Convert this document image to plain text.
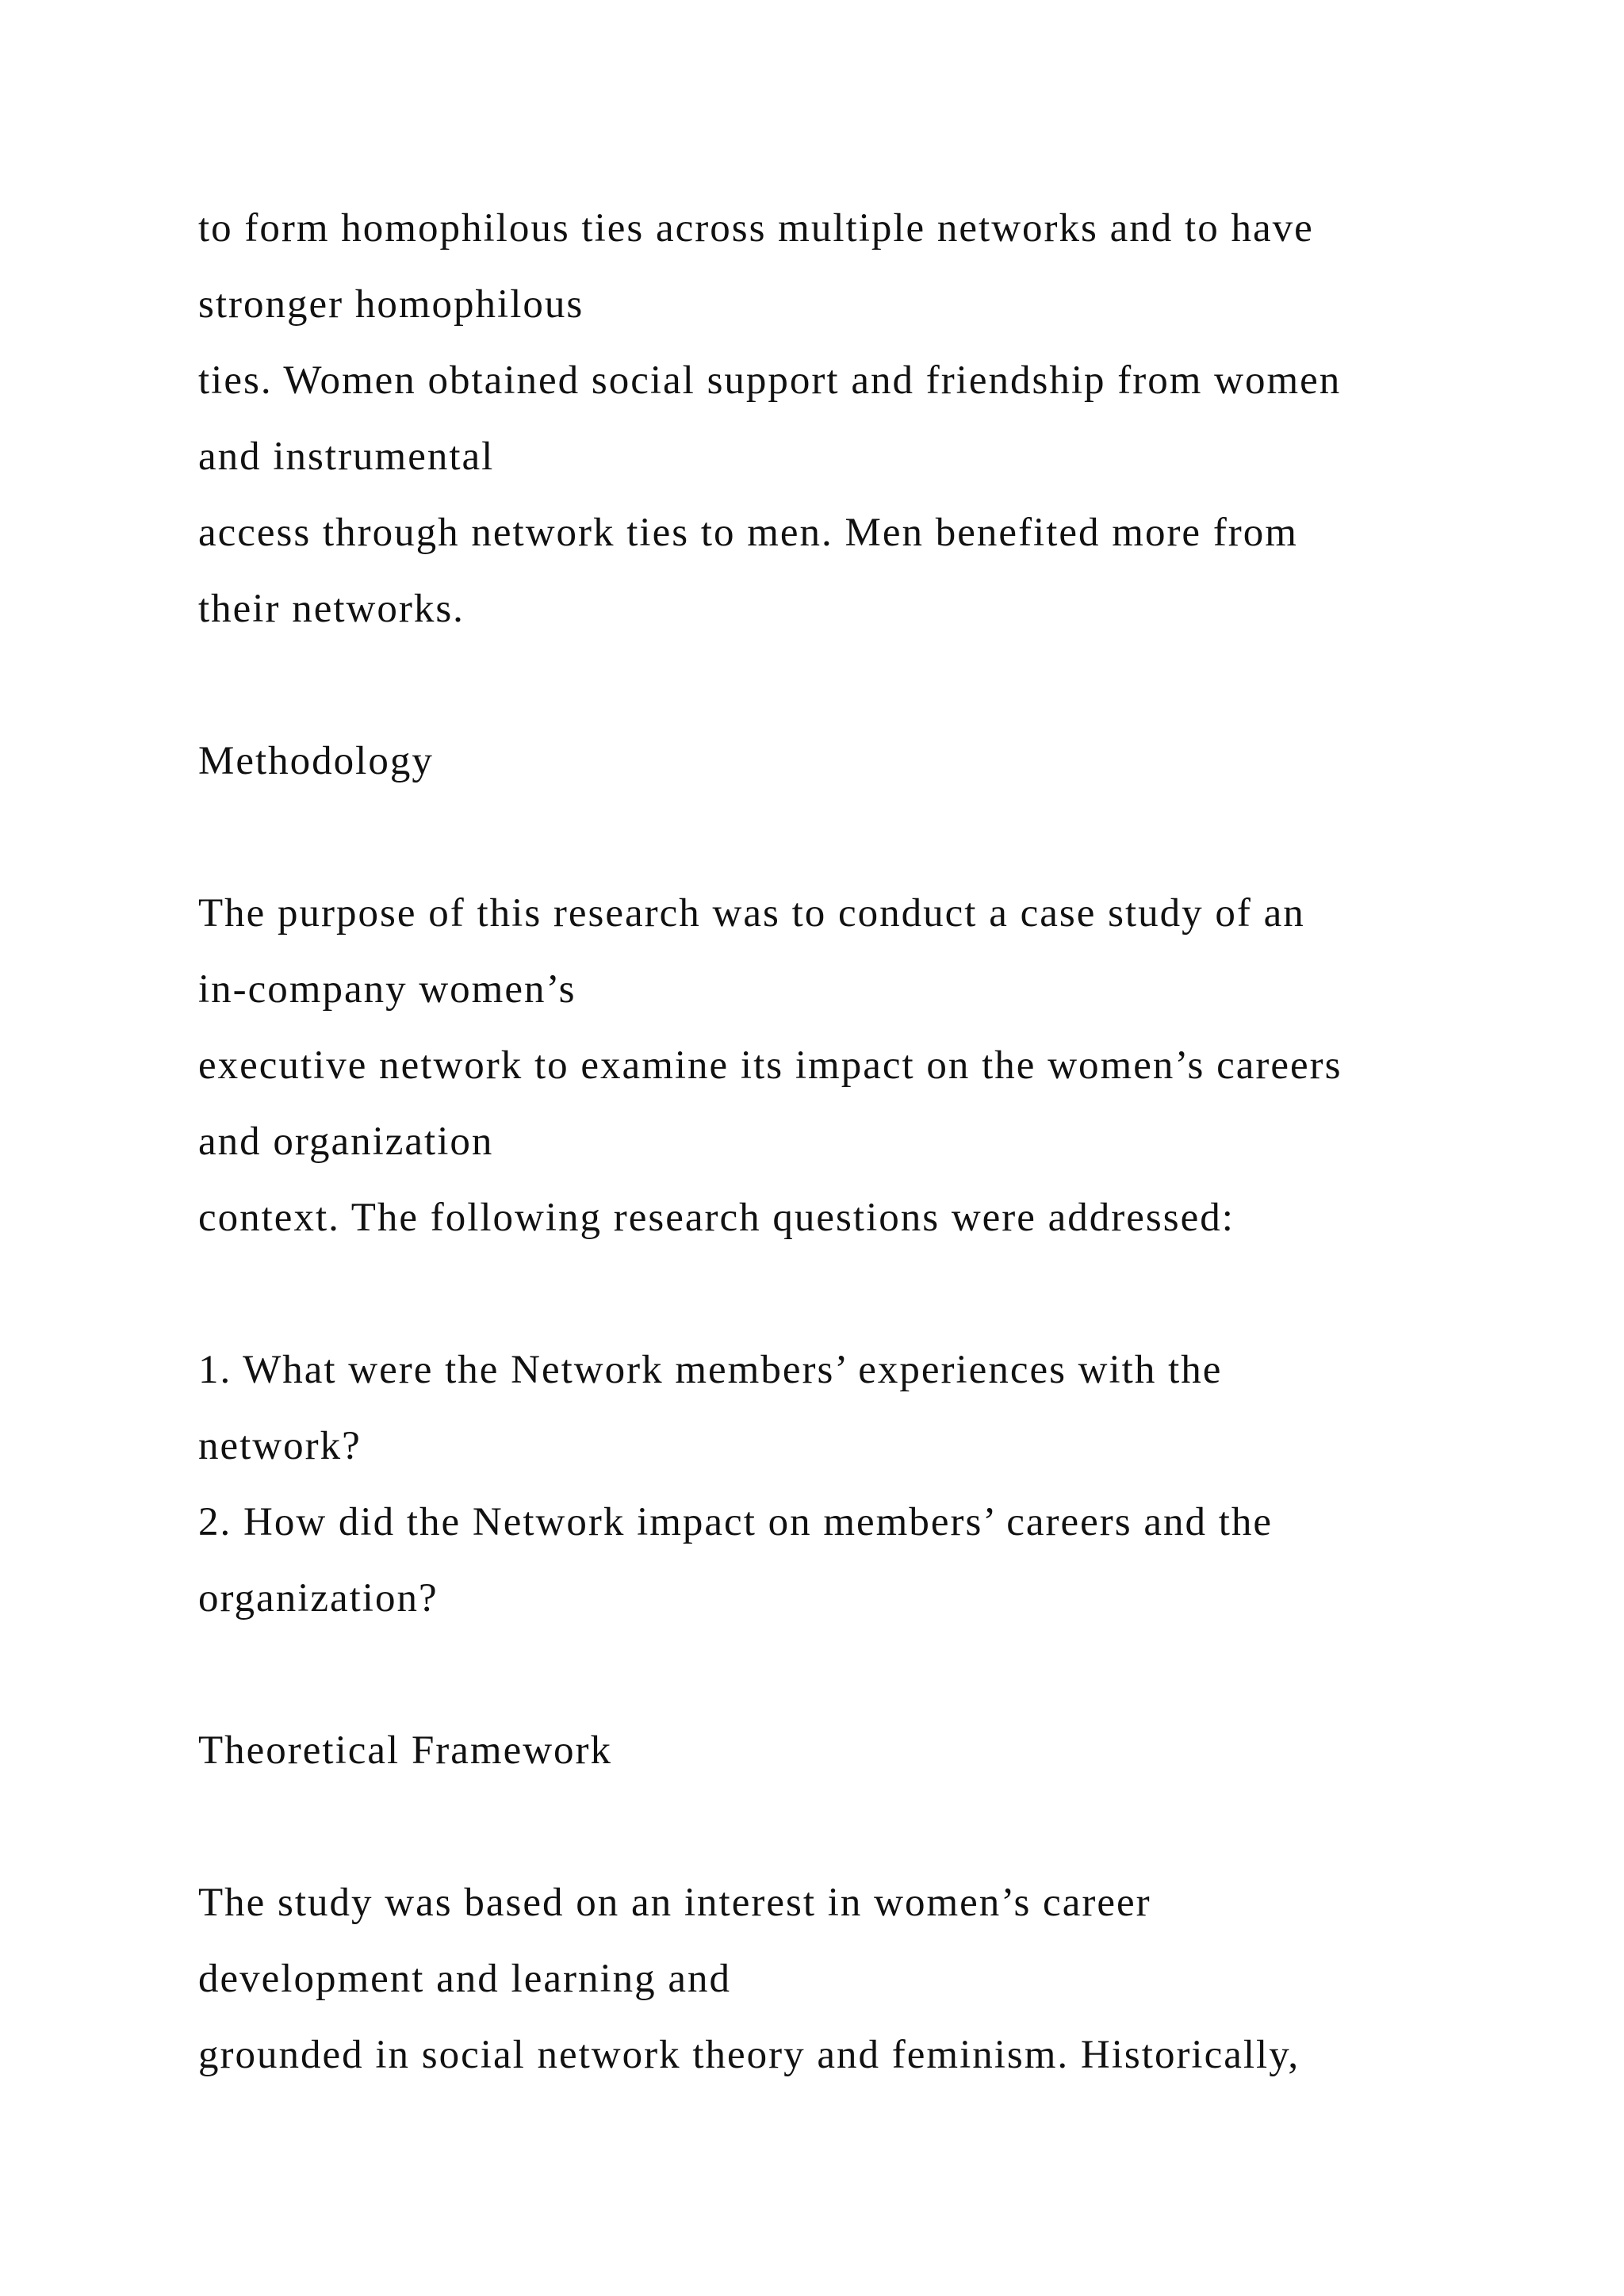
to form homophilous ties across multiple networks and to have
stronger homophilous
ties. Women obtained social support and friendship from women
and instrumental
access through network ties to men. Men benefited more from
their networks.
Methodology
The purpose of this research was to conduct a case study of an
in-company women’s
executive network to examine its impact on the women’s careers
and organization
context. The following research questions were addressed:
1. What were the Network members’ experiences with the
network?
2. How did the Network impact on members’ careers and the
organization?
Theoretical Framework
The study was based on an interest in women’s career
development and learning and
grounded in social network theory and feminism. Historically,
